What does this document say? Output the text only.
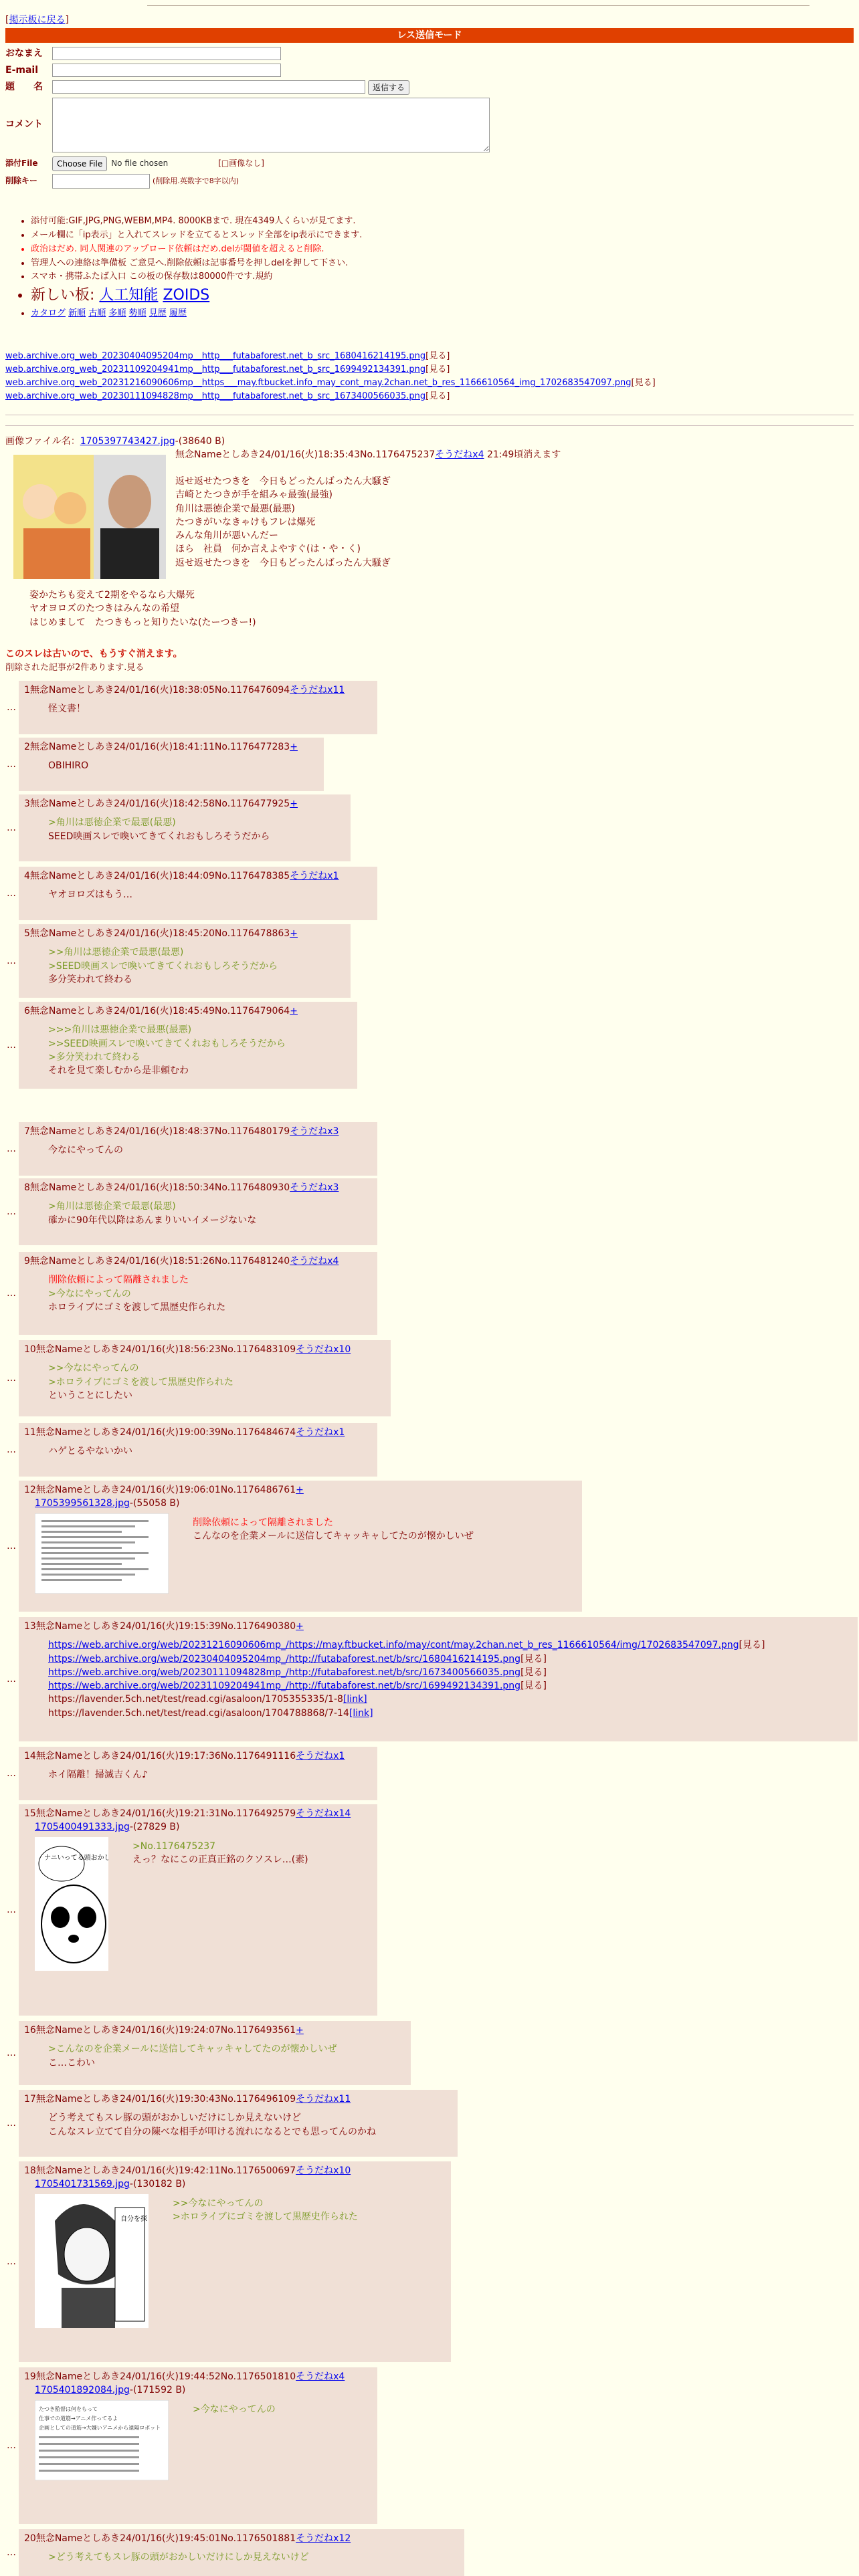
[掲示板に戻る]
レス送信モード
おなまえ
E-mail
題　　名	返信する
コメント
添付File	Choose File	No file chosen	[□画像なし]
削除キー	(削除用.英数字で8字以内)
• 添付可能:GIF,JPG,PNG,WEBM,MP4. 8000KBまで. 現在4349人くらいが見てます.
• メール欄に「ip表示」と入れてスレッドを立てるとスレッド全部をip表示にできます.
• 政治はだめ. 同人関連のアップロード依頼はだめ.delが閾値を超えると削除.
• 管理人への連絡は準備板 ご意見へ.削除依頼は記事番号を押しdelを押して下さい.
• スマホ・携帯ふたば入口 この板の保存数は80000件です.規約
• 新しい板: 人工知能 ZOIDS
• カタログ 新順 古順 多順 勢順 見歴 履歴
web.archive.org_web_20230404095204mp__http___futabaforest.net_b_src_1680416214195.png[見る]
web.archive.org_web_20231109204941mp__http___futabaforest.net_b_src_1699492134391.png[見る]
web.archive.org_web_20231216090606mp__https___may.ftbucket.info_may_cont_may.2chan.net_b_res_1166610564_img_1702683547097.png[見る]
web.archive.org_web_20230111094828mp__http___futabaforest.net_b_src_1673400566035.png[見る]
画像ファイル名：1705397743427.jpg-(38640 B)
無念Nameとしあき24/01/16(火)18:35:43No.1176475237そうだねx4 21:49頃消えます
返せ返せたつきを　今日もどったんばったん大騒ぎ
吉崎とたつきが手を組みゃ最強(最強)
角川は悪徳企業で最悪(最悪)
たつきがいなきゃけもフレは爆死
みんな角川が悪いんだー
ほら　社員　何か言えよやすぐ(は・や・く)
返せ返せたつきを　今日もどったんばったん大騒ぎ
姿かたちも変えて2期をやるなら大爆死
ヤオヨロズのたつきはみんなの希望
はじめまして　たつきもっと知りたいな(たーつきー!)
このスレは古いので、もうすぐ消えます。
削除された記事が2件あります.見る
…
1無念Nameとしあき24/01/16(火)18:38:05No.1176476094そうだねx11
怪文書！
…
2無念Nameとしあき24/01/16(火)18:41:11No.1176477283+
OBIHIRO
…
3無念Nameとしあき24/01/16(火)18:42:58No.1176477925+
>角川は悪徳企業で最悪(最悪)
SEED映画スレで喚いてきてくれおもしろそうだから
…
4無念Nameとしあき24/01/16(火)18:44:09No.1176478385そうだねx1
ヤオヨロズはもう…
…
5無念Nameとしあき24/01/16(火)18:45:20No.1176478863+
>>角川は悪徳企業で最悪(最悪)
>SEED映画スレで喚いてきてくれおもしろそうだから
多分笑われて終わる
…
6無念Nameとしあき24/01/16(火)18:45:49No.1176479064+
>>>角川は悪徳企業で最悪(最悪)
>>SEED映画スレで喚いてきてくれおもしろそうだから
>多分笑われて終わる
それを見て楽しむから是非頼むわ
…
7無念Nameとしあき24/01/16(火)18:48:37No.1176480179そうだねx3
今なにやってんの
…
8無念Nameとしあき24/01/16(火)18:50:34No.1176480930そうだねx3
>角川は悪徳企業で最悪(最悪)
確かに90年代以降はあんまりいいイメージないな
…
9無念Nameとしあき24/01/16(火)18:51:26No.1176481240そうだねx4
削除依頼によって隔離されました
>今なにやってんの
ホロライブにゴミを渡して黒歴史作られた
…
10無念Nameとしあき24/01/16(火)18:56:23No.1176483109そうだねx10
>>今なにやってんの
>ホロライブにゴミを渡して黒歴史作られた
ということにしたい
…
11無念Nameとしあき24/01/16(火)19:00:39No.1176484674そうだねx1
ハゲとるやないかい
…
12無念Nameとしあき24/01/16(火)19:06:01No.1176486761+
1705399561328.jpg-(55058 B)
削除依頼によって隔離されました
こんなのを企業メールに送信してキャッキャしてたのが懐かしいぜ
…
13無念Nameとしあき24/01/16(火)19:15:39No.1176490380+
https://web.archive.org/web/20231216090606mp_/https://may.ftbucket.info/may/cont/may.2chan.net_b_res_1166610564/img/1702683547097.png[見る]
https://web.archive.org/web/20230404095204mp_/http://futabaforest.net/b/src/1680416214195.png[見る]
https://web.archive.org/web/20230111094828mp_/http://futabaforest.net/b/src/1673400566035.png[見る]
https://web.archive.org/web/20231109204941mp_/http://futabaforest.net/b/src/1699492134391.png[見る]
https://lavender.5ch.net/test/read.cgi/asaloon/1705355335/1-8[link]
https://lavender.5ch.net/test/read.cgi/asaloon/1704788868/7-14[link]
…
14無念Nameとしあき24/01/16(火)19:17:36No.1176491116そうだねx1
ホイ隔離！掃滅吉くん♪
…
15無念Nameとしあき24/01/16(火)19:21:31No.1176492579そうだねx14
1705400491333.jpg-(27829 B)
ナニいってる頭おかし
>No.1176475237
えっ？なにこの正真正銘のクソスレ…(素)
…
16無念Nameとしあき24/01/16(火)19:24:07No.1176493561+
>こんなのを企業メールに送信してキャッキャしてたのが懐かしいぜ
こ…こわい
…
17無念Nameとしあき24/01/16(火)19:30:43No.1176496109そうだねx11
どう考えてもスレ豚の頭がおかしいだけにしか見えないけど
こんなスレ立てて自分の陳べな相手が叩ける流れになるとでも思ってんのかね
…
18無念Nameとしあき24/01/16(火)19:42:11No.1176500697そうだねx10
1705401731569.jpg-(130182 B)
自分を探
>>今なにやってんの
>ホロライブにゴミを渡して黒歴史作られた
…
19無念Nameとしあき24/01/16(火)19:44:52No.1176501810そうだねx4
1705401892084.jpg-(171592 B)
たつき監督は何をもって
仕事での道筋→アニメ作ってるよ
企画としての道筋→大嫌いアニメから遠隔ロボット
>今なにやってんの
…
20無念Nameとしあき24/01/16(火)19:45:01No.1176501881そうだねx12
>どう考えてもスレ豚の頭がおかしいだけにしか見えないけど
